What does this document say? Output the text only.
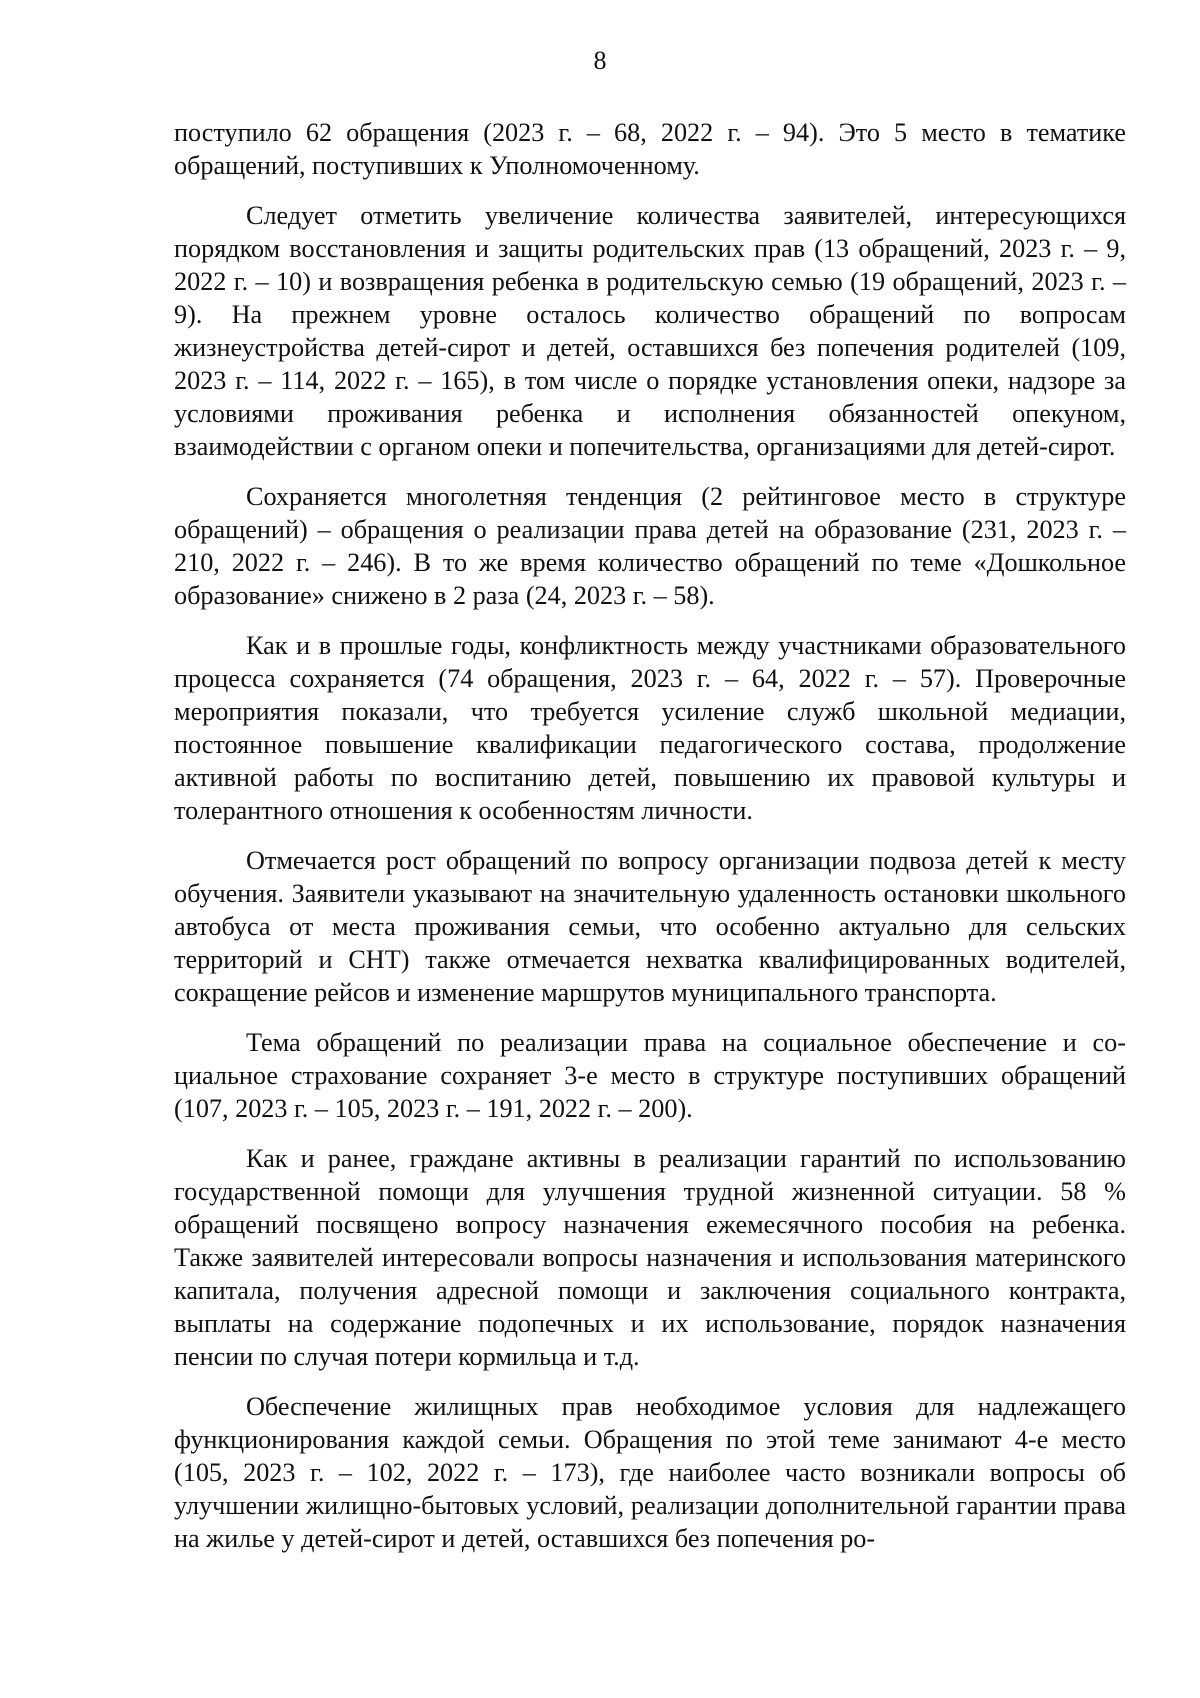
8

поступило 62 обращения (2023 г. – 68, 2022 г. – 94). Это 5 место в тематике обращений, поступивших к Уполномоченному.

Следует отметить увеличение количества заявителей, интересующихся порядком восстановления и защиты родительских прав (13 обращений, 2023 г. – 9, 2022 г. – 10) и возвращения ребенка в родительскую семью (19 обращений, 2023 г. – 9). На прежнем уровне осталось количество обращений по вопросам жизнеустройства детей-сирот и детей, оставшихся без попечения родителей (109, 2023 г. – 114, 2022 г. – 165), в том числе о порядке установления опеки, надзоре за условиями проживания ребенка и исполнения обязанностей опекуном, взаимодействии с органом опеки и попечительства, организациями для детей-сирот.

Сохраняется многолетняя тенденция (2 рейтинговое место в структуре обращений) – обращения о реализации права детей на образование (231, 2023 г. – 210, 2022 г. – 246). В то же время количество обращений по теме «Дошкольное образование» снижено в 2 раза (24, 2023 г. – 58).

Как и в прошлые годы, конфликтность между участниками образовательного процесса сохраняется (74 обращения, 2023 г. – 64, 2022 г. – 57). Проверочные мероприятия показали, что требуется усиление служб школьной медиации, постоянное повышение квалификации педагогического состава, продолжение активной работы по воспитанию детей, повышению их правовой культуры и толерантного отношения к особенностям личности.

Отмечается рост обращений по вопросу организации подвоза детей к месту обучения. Заявители указывают на значительную удаленность остановки школьного автобуса от места проживания семьи, что особенно актуально для сельских территорий и СНТ) также отмечается нехватка квалифицированных водителей, сокращение рейсов и изменение маршрутов муниципального транспорта.

Тема обращений по реализации права на социальное обеспечение и социальное страхование сохраняет 3-е место в структуре поступивших обращений (107, 2023 г. – 105, 2023 г. – 191, 2022 г. – 200).

Как и ранее, граждане активны в реализации гарантий по использованию государственной помощи для улучшения трудной жизненной ситуации. 58 % обращений посвящено вопросу назначения ежемесячного пособия на ребенка. Также заявителей интересовали вопросы назначения и использования материнского капитала, получения адресной помощи и заключения социального контракта, выплаты на содержание подопечных и их использование, порядок назначения пенсии по случая потери кормильца и т.д.

Обеспечение жилищных прав необходимое условия для надлежащего функционирования каждой семьи. Обращения по этой теме занимают 4-е место (105, 2023 г. – 102, 2022 г. – 173), где наиболее часто возникали вопросы об улучшении жилищно-бытовых условий, реализации дополнительной гарантии права на жилье у детей-сирот и детей, оставшихся без попечения ро-
